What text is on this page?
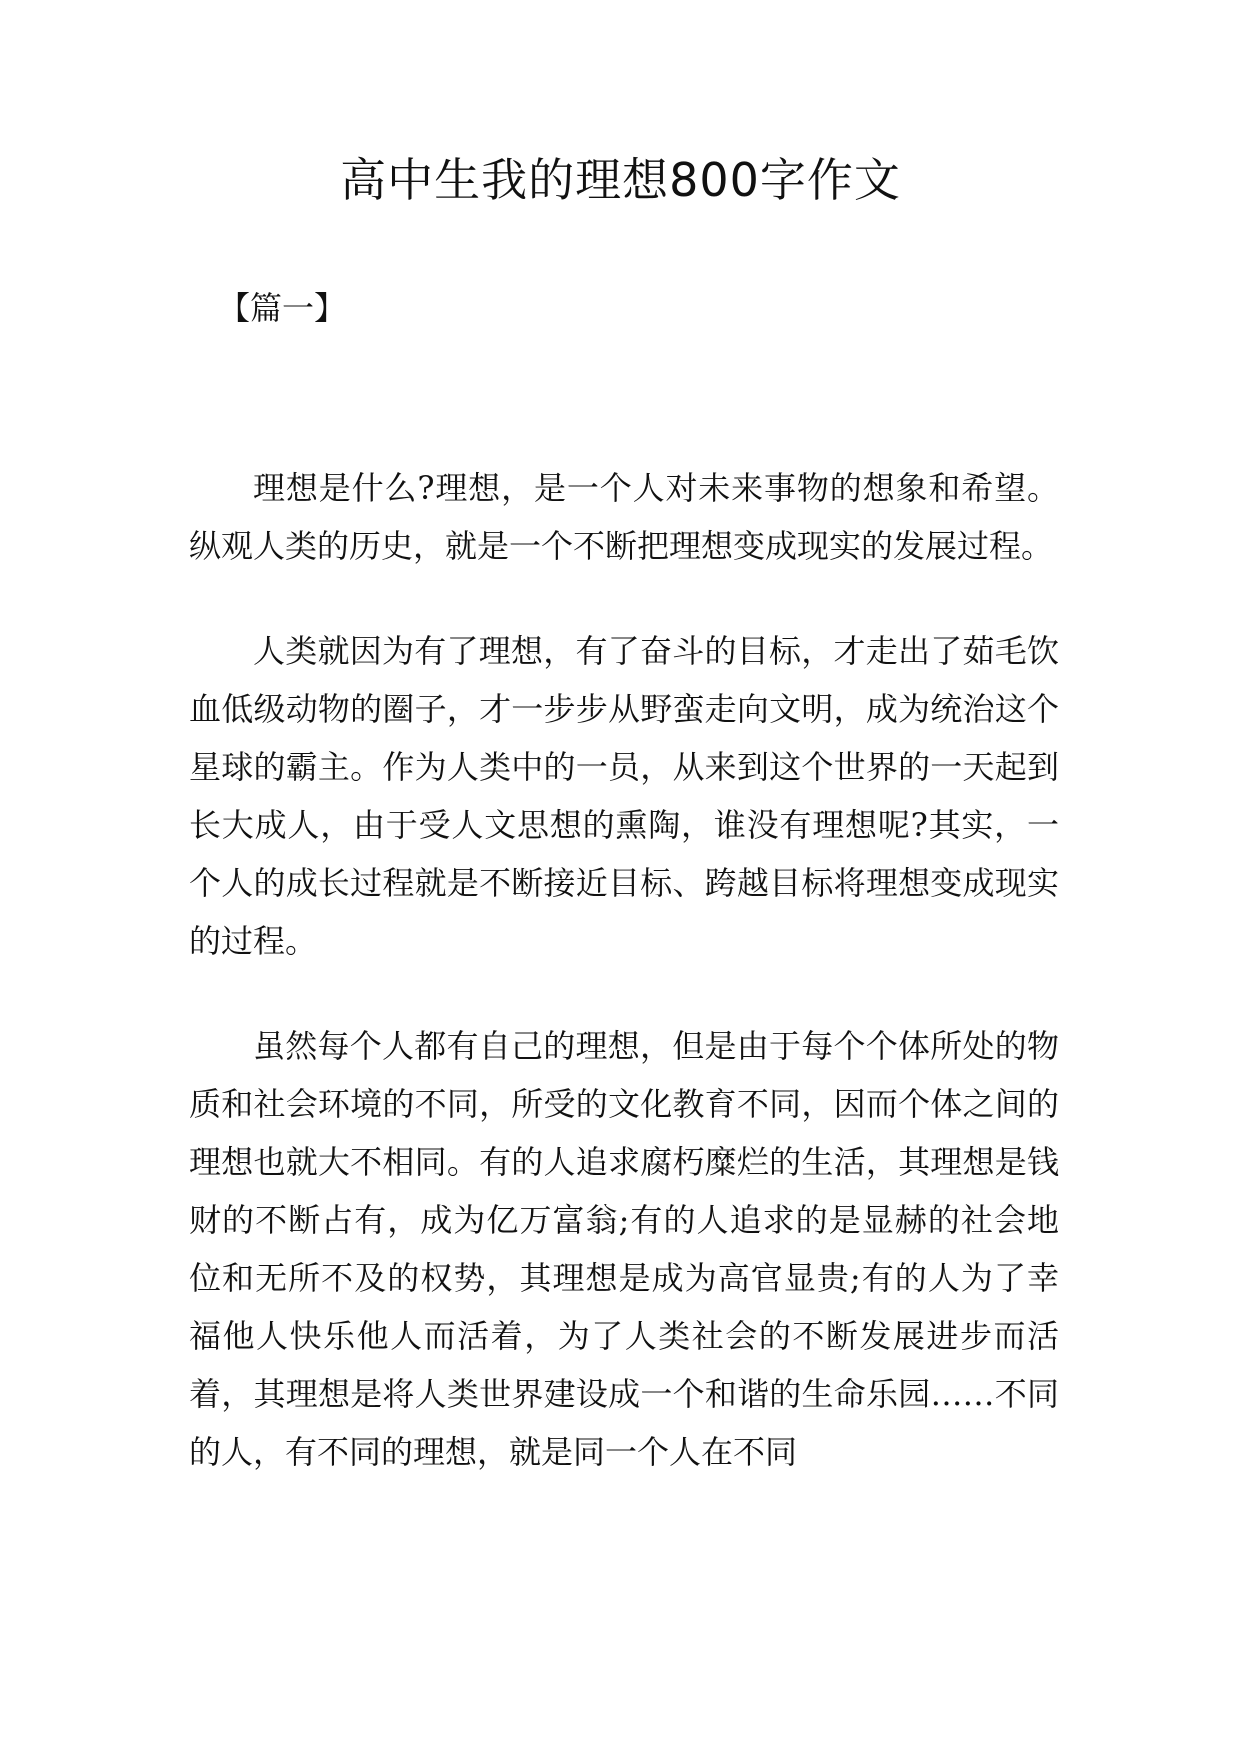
高中生我的理想800字作文

【篇一】

理想是什么?理想，是一个人对未来事物的想象和希望。纵观人类的历史，就是一个不断把理想变成现实的发展过程。

人类就因为有了理想，有了奋斗的目标，才走出了茹毛饮血低级动物的圈子，才一步步从野蛮走向文明，成为统治这个星球的霸主。作为人类中的一员，从来到这个世界的一天起到长大成人，由于受人文思想的熏陶，谁没有理想呢?其实，一个人的成长过程就是不断接近目标、跨越目标将理想变成现实的过程。

虽然每个人都有自己的理想，但是由于每个个体所处的物质和社会环境的不同，所受的文化教育不同，因而个体之间的理想也就大不相同。有的人追求腐朽糜烂的生活，其理想是钱财的不断占有，成为亿万富翁;有的人追求的是显赫的社会地位和无所不及的权势，其理想是成为高官显贵;有的人为了幸福他人快乐他人而活着，为了人类社会的不断发展进步而活着，其理想是将人类世界建设成一个和谐的生命乐园……不同的人，有不同的理想，就是同一个人在不同
